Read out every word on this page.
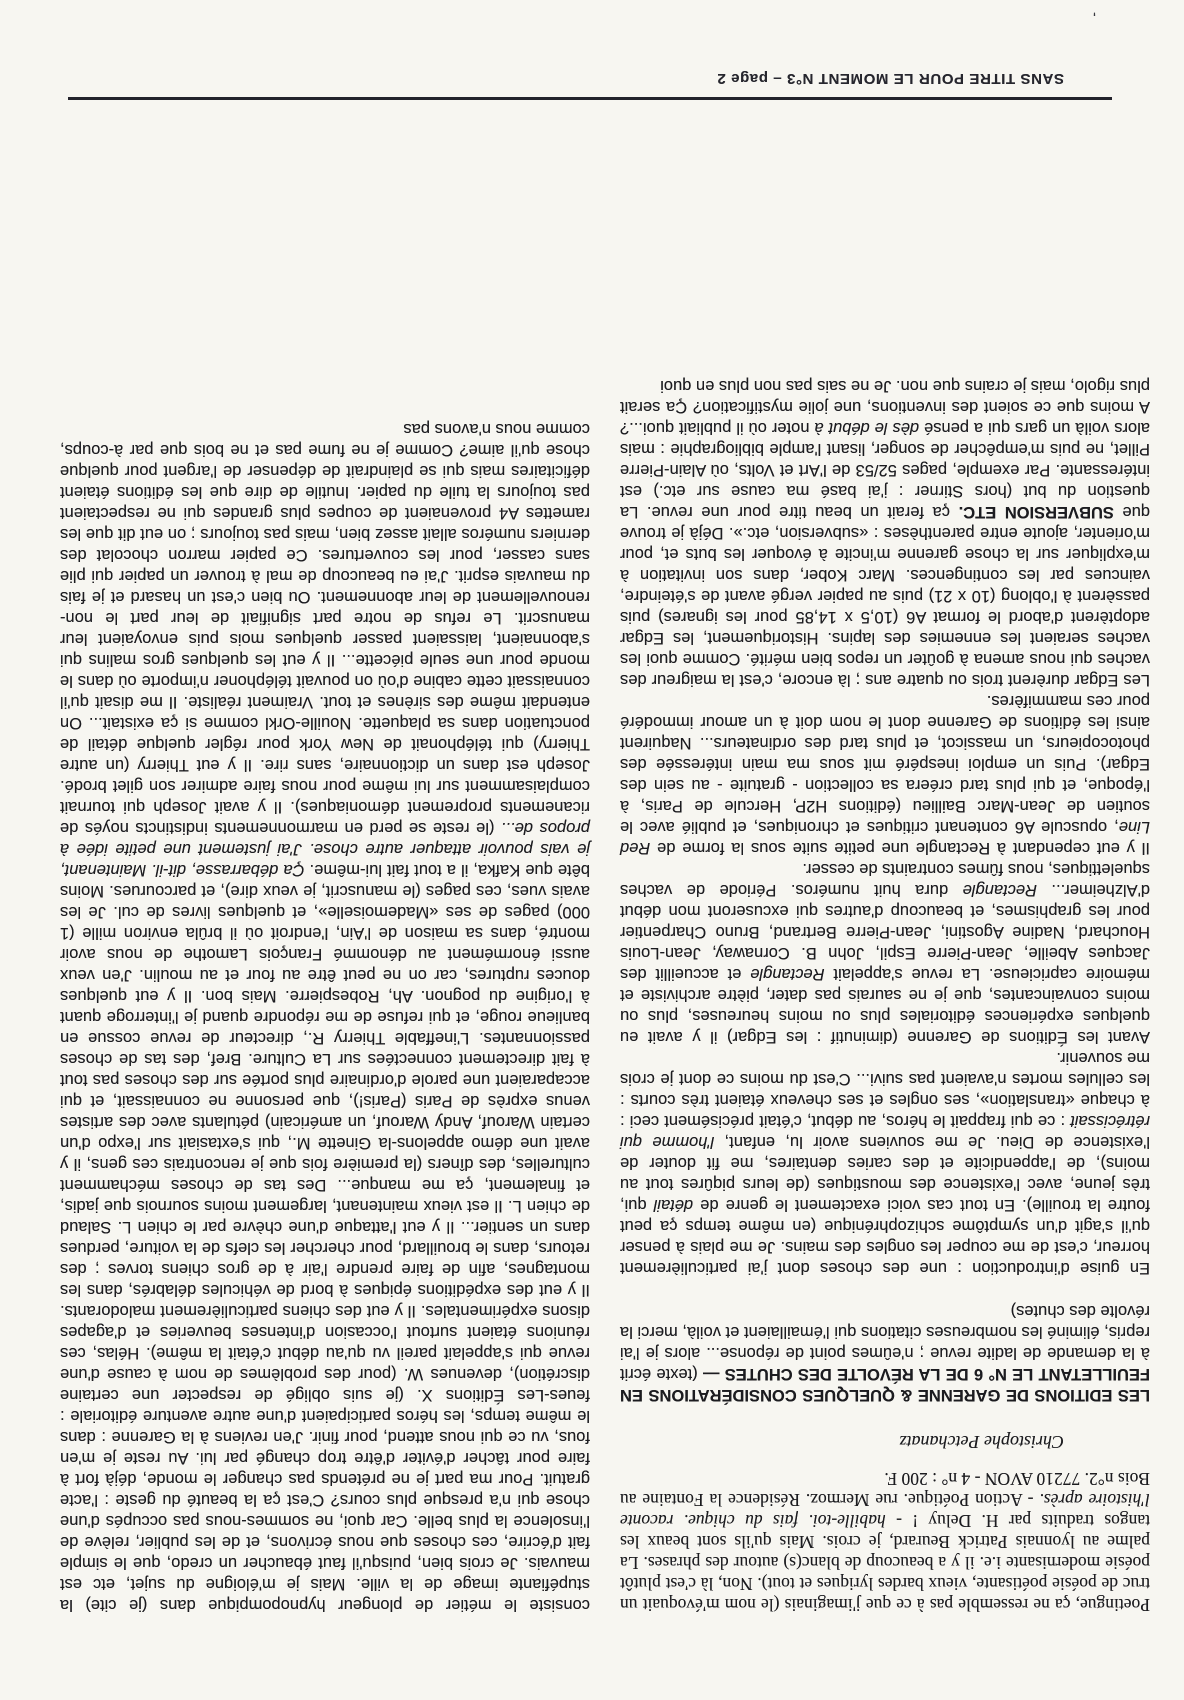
Poetingue, ça ne ressemble pas à ce que j'imaginais (le nom m'évoquait un truc de poésie poétisante, vieux bardes lyriques et tout). Non, là c'est plutôt poésie modernisante i.e. il y a beaucoup de blanc(s) autour des phrases. La palme au lyonnais Patrick Beurard, je crois. Mais qu'ils sont beaux les tangos traduits par H. Deluy ! - habille-toi. fais du chique. raconte l'histoire après. - Action Poétique. rue Mermoz. Résidence la Fontaine au Bois n°2. 77210 AVON - 4 n° : 200 F.

Christophe Petchanatz

LES EDITIONS DE GARENNE & QUELQUES CONSIDÉRATIONS EN FEUILLETANT LE N° 6 DE LA RÉVOLTE DES CHUTES — (texte écrit à la demande de ladite revue ; n'eûmes point de réponse... alors je l'ai repris, éliminé les nombreuses citations qui l'émaillaient et voilà, merci la révolte des chutes)

En guise d'introduction : une des choses dont j'ai particulièrement horreur, c'est de me couper les ongles des mains. Je me plais à penser qu'il s'agit d'un symptôme schizophrénique (en même temps ça peut foutre la trouille). En tout cas voici exactement le genre de détail qui, très jeune, avec l'existence des moustiques (de leurs piqûres tout au moins), de l'appendicite et des caries dentaires, me fit douter de l'existence de Dieu. Je me souviens avoir lu, enfant, l'homme qui rétrécissait : ce qui frappait le héros, au début, c'était précisément ceci : à chaque «translation», ses ongles et ses cheveux étaient très courts : les cellules mortes n'avaient pas suivi... C'est du moins ce dont je crois me souvenir.

Avant les Éditions de Garenne (diminutif : les Edgar) il y avait eu quelques expériences éditoriales plus ou moins heureuses, plus ou moins convaincantes, que je ne saurais pas dater, piètre archiviste et mémoire capricieuse. La revue s'appelait Rectangle et accueillit des Jacques Abeille, Jean-Pierre Espil, John B. Cornaway, Jean-Louis Houchard, Nadine Agostini, Jean-Pierre Bertrand, Bruno Charpentier pour les graphismes, et beaucoup d'autres qui excuseront mon début d'Alzheimer... Rectangle dura huit numéros. Période de vaches squelettiques, nous fûmes contraints de cesser.

Il y eut cependant à Rectangle une petite suite sous la forme de Red Line, opuscule A6 contenant critiques et chroniques, et publié avec le soutien de Jean-Marc Baillieu (éditions H2P, Hercule de Paris, à l'époque, et qui plus tard créera sa collection - gratuite - au sein des Edgar). Puis un emploi inespéré mit sous ma main intéressée des photocopieurs, un massicot, et plus tard des ordinateurs... Naquirent ainsi les éditions de Garenne dont le nom doit à un amour immodéré pour ces mammifères.

Les Edgar durèrent trois ou quatre ans ; là encore, c'est la maigreur des vaches qui nous amena à goûter un repos bien mérité. Comme quoi les vaches seraient les ennemies des lapins. Historiquement, les Edgar adoptèrent d'abord le format A6 (10,5 x 14,85 pour les ignares) puis passèrent à l'oblong (10 x 21) puis au papier vergé avant de s'éteindre, vaincues par les contingences. Marc Kober, dans son invitation à m'expliquer sur la chose garenne m'incite à évoquer les buts et, pour m'orienter, ajoute entre parenthèses : «subversion, etc.». Déjà je trouve que SUBVERSION ETC. ça ferait un beau titre pour une revue. La question du but (hors Stirner : j'ai basé ma cause sur etc.) est intéressante. Par exemple, pages 52/53 de l'Art et Volts, où Alain-Pierre Pillet, ne puis m'empêcher de songer, lisant l'ample bibliographie : mais alors voilà un gars qui a pensé dès le début à noter où il publiait quoi...? A moins que ce soient des inventions, une jolie mystification? Ça serait plus rigolo, mais je crains que non. Je ne sais pas non plus en quoi

consiste le métier de plongeur hypnopompique dans (je cite) la stupéfiante image de la ville. Mais je m'éloigne du sujet, etc est mauvais. Je crois bien, puisqu'il faut ébaucher un credo, que le simple fait d'écrire, ces choses que nous écrivons, et de les publier, relève de l'insolence la plus belle. Car quoi, ne sommes-nous pas occupés d'une chose qui n'a presque plus cours? C'est ça la beauté du geste : l'acte gratuit. Pour ma part je ne prétends pas changer le monde, déjà fort à faire pour tâcher d'éviter d'être trop changé par lui. Au reste je m'en fous, vu ce qui nous attend, pour finir. J'en reviens à la Garenne : dans le même temps, les héros participaient d'une autre aventure éditoriale : feues-Les Éditions X. (je suis obligé de respecter une certaine discrétion), devenues W. (pour des problèmes de nom à cause d'une revue qui s'appelait pareil vu qu'au début c'était la même). Hélas, ces réunions étaient surtout l'occasion d'intenses beuveries et d'agapes disons expérimentales. Il y eut des chiens particulièrement malodorants. Il y eut des expéditions épiques à bord de véhicules délabrés, dans les montagnes, afin de faire prendre l'air à de gros chiens torves ; des retours, dans le brouillard, pour chercher les clefs de la voiture, perdues dans un sentier... Il y eut l'attaque d'une chèvre par le chien L. Salaud de chien L. Il est vieux maintenant, largement moins sournois que jadis, et finalement, ça me manque... Des tas de choses méchamment culturelles, des dîners (la première fois que je rencontrais ces gens, il y avait une démo appelons-la Ginette M., qui s'extasiait sur l'expo d'un certain Warouf, Andy Warouf, un américain) pétulants avec des artistes venus exprès de Paris (Paris!), que personne ne connaissait, et qui accaparaient une parole d'ordinaire plus portée sur des choses pas tout à fait directement connectées sur La Culture. Bref, des tas de choses passionnantes. L'ineffable Thierry R., directeur de revue cossue en banlieue rouge, et qui refuse de me répondre quand je l'interroge quant à l'origine du pognon. Ah, Robespierre. Mais bon. Il y eut quelques douces ruptures, car on ne peut être au four et au moulin. J'en veux aussi énormément au dénommé François Lamothe de nous avoir montré, dans sa maison de l'Ain, l'endroit où il brûla environ mille (1 000) pages de ses «Mademoiselle», et quelques livres de cul. Je les avais vues, ces pages (le manuscrit, je veux dire), et parcourues. Moins bête que Kafka, il a tout fait lui-même. Ça débarrasse, dit-il. Maintenant, je vais pouvoir attaquer autre chose. J'ai justement une petite idée à propos de... (le reste se perd en marmonnements indistincts noyés de ricanements proprement démoniaques). Il y avait Joseph qui tournait complaisamment sur lui même pour nous faire admirer son gilet brodé. Joseph est dans un dictionnaire, sans rire. Il y eut Thierry (un autre Thierry) qui téléphonait de New York pour régler quelque détail de ponctuation dans sa plaquette. Nouille-Orkl comme si ça existait... On entendait même des sirènes et tout. Vraiment réaliste. Il me disait qu'il connaissait cette cabine d'où on pouvait téléphoner n'importe où dans le monde pour une seule piécette... Il y eut les quelques gros malins qui s'abonnaient, laissaient passer quelques mois puis envoyaient leur manuscrit. Le refus de notre part signifiait de leur part le non-renouvellement de leur abonnement. Ou bien c'est un hasard et je fais du mauvais esprit. J'ai eu beaucoup de mal à trouver un papier qui plie sans casser, pour les couvertures. Ce papier marron chocolat des derniers numéros allait assez bien, mais pas toujours ; on eut dit que les ramettes A4 provenaient de coupes plus grandes qui ne respectaient pas toujours la tuile du papier. Inutile de dire que les éditions étaient déficitaires mais qui se plaindrait de dépenser de l'argent pour quelque chose qu'il aime? Comme je ne fume pas et ne bois que par à-coups, comme nous n'avons pas

SANS TITRE POUR LE MOMENT N°3 – page 2
'
